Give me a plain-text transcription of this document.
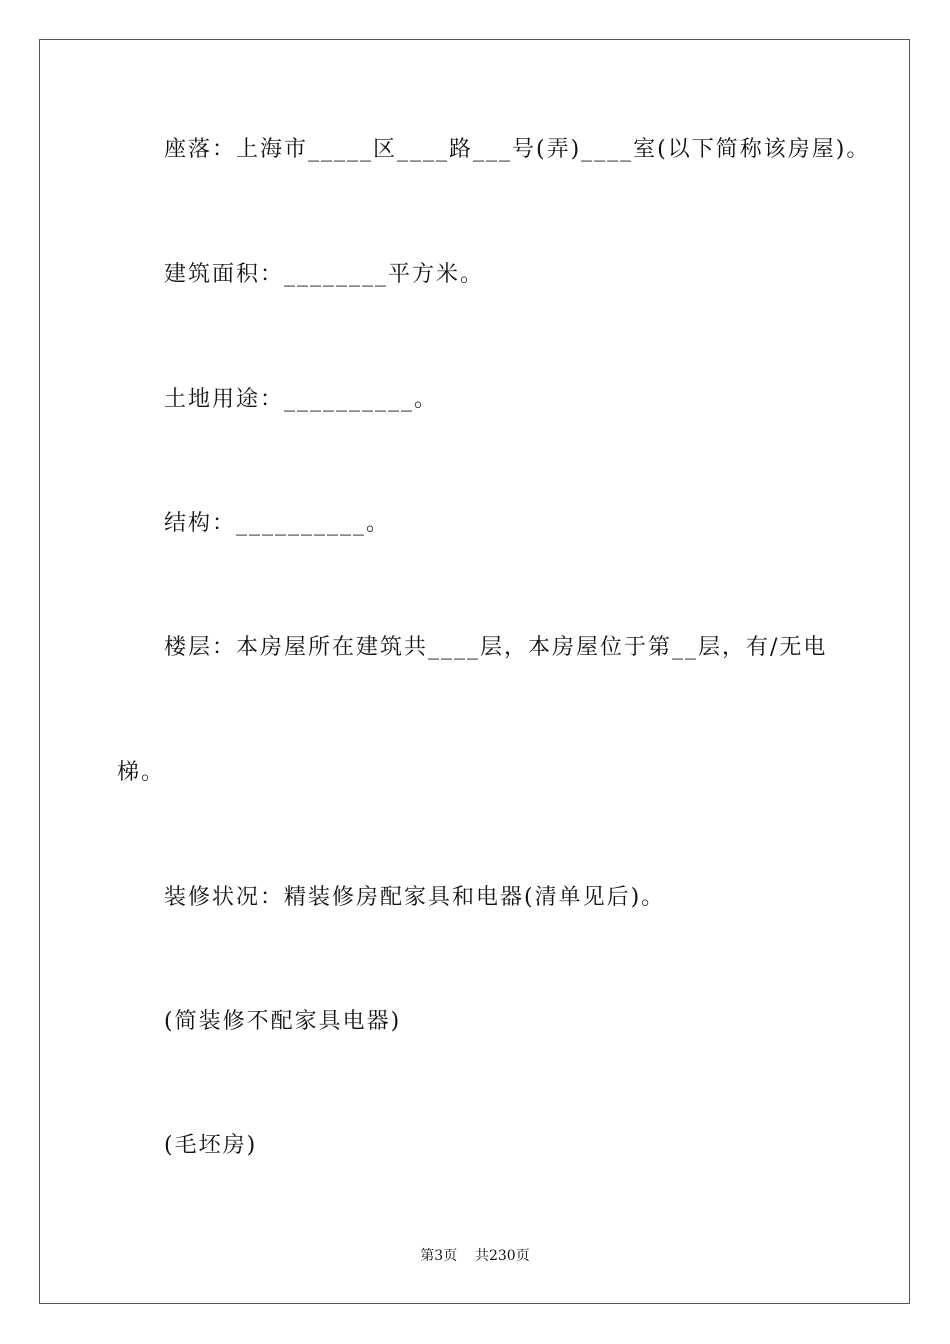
座落：上海市_____区____路___号(弄)____室(以下简称该房屋)。
建筑面积：________平方米。
土地用途：__________。
结构：__________。
楼层：本房屋所在建筑共____层，本房屋位于第__层，有/无电
梯。
装修状况：精装修房配家具和电器(清单见后)。
(简装修不配家具电器)
(毛坯房)
第3页    共230页
